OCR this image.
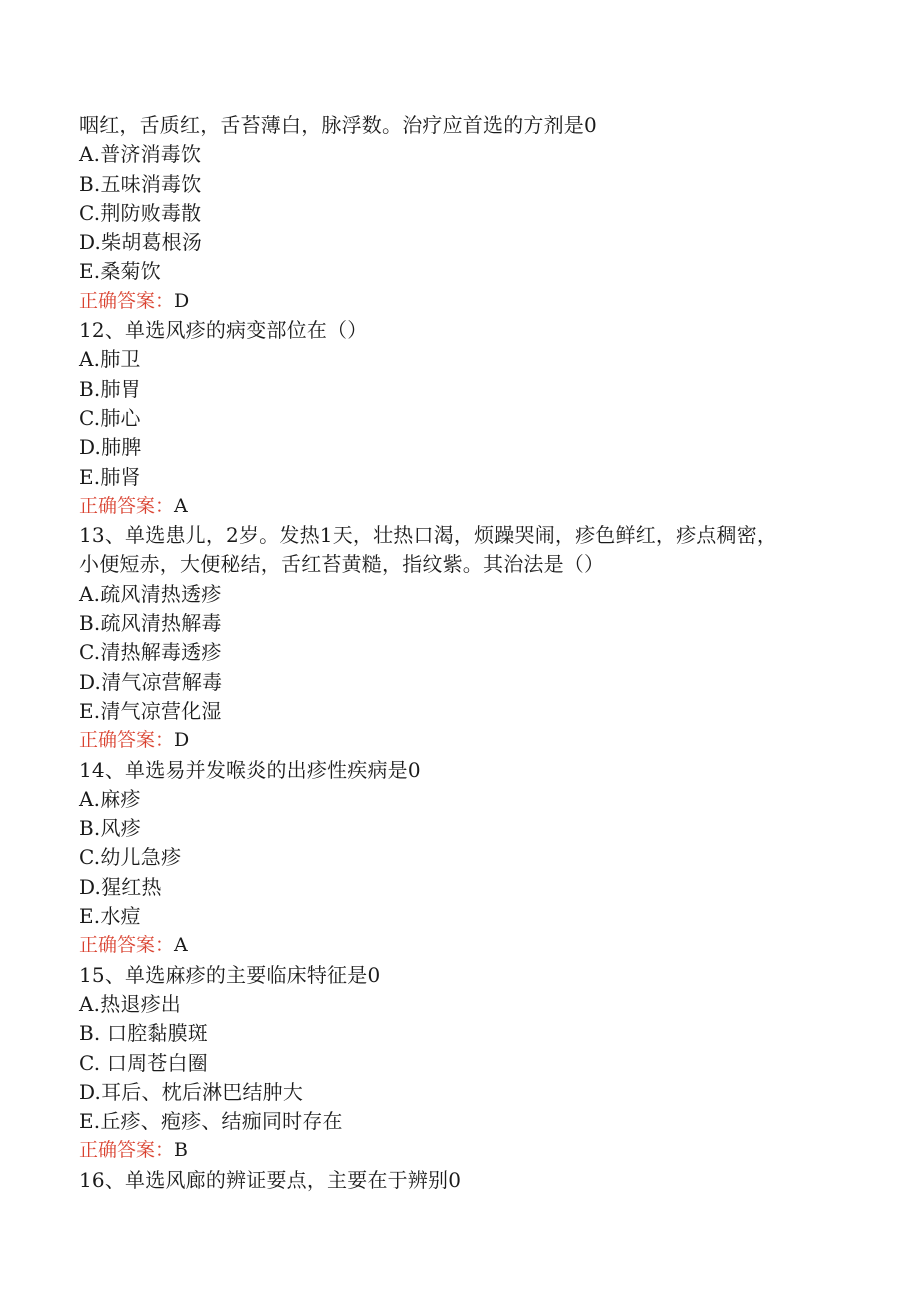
咽红，舌质红，舌苔薄白，脉浮数。治疗应首选的方剂是0
A.普济消毒饮
B.五味消毒饮
C.荆防败毒散
D.柴胡葛根汤
E.桑菊饮
正确答案：D
12、单选风疹的病变部位在（）
A.肺卫
B.肺胃
C.肺心
D.肺脾
E.肺肾
正确答案：A
13、单选患儿，2岁。发热1天，壮热口渴，烦躁哭闹，疹色鲜红，疹点稠密，
小便短赤，大便秘结，舌红苔黄糙，指纹紫。其治法是（）
A.疏风清热透疹
B.疏风清热解毒
C.清热解毒透疹
D.清气凉营解毒
E.清气凉营化湿
正确答案：D
14、单选易并发喉炎的出疹性疾病是0
A.麻疹
B.风疹
C.幼儿急疹
D.猩红热
E.水痘
正确答案：A
15、单选麻疹的主要临床特征是0
A.热退疹出
B. 口腔黏膜斑
C. 口周苍白圈
D.耳后、枕后淋巴结肿大
E.丘疹、疱疹、结痂同时存在
正确答案：B
16、单选风廊的辨证要点，主要在于辨别0
